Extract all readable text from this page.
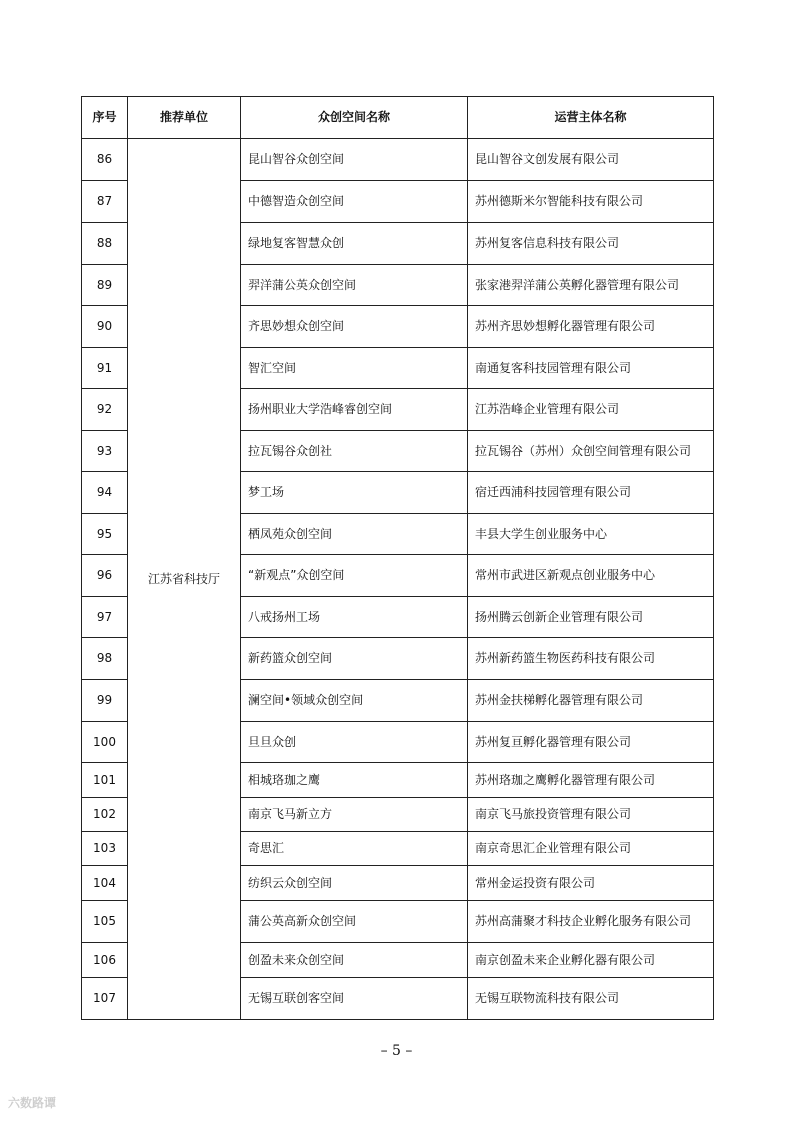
序号	推荐单位	众创空间名称	运营主体名称
86	江苏省科技厅	昆山智谷众创空间	昆山智谷文创发展有限公司
87		中德智造众创空间	苏州德斯米尔智能科技有限公司
88		绿地复客智慧众创	苏州复客信息科技有限公司
89		羿洋蒲公英众创空间	张家港羿洋蒲公英孵化器管理有限公司
90		齐思妙想众创空间	苏州齐思妙想孵化器管理有限公司
91		智汇空间	南通复客科技园管理有限公司
92		扬州职业大学浩峰睿创空间	江苏浩峰企业管理有限公司
93		拉瓦锡谷众创社	拉瓦锡谷（苏州）众创空间管理有限公司
94		梦工场	宿迁西浦科技园管理有限公司
95		栖凤苑众创空间	丰县大学生创业服务中心
96		“新观点”众创空间	常州市武进区新观点创业服务中心
97		八戒扬州工场	扬州腾云创新企业管理有限公司
98		新药篮众创空间	苏州新药篮生物医药科技有限公司
99		澜空间•领域众创空间	苏州金扶梯孵化器管理有限公司
100		旦旦众创	苏州复亘孵化器管理有限公司
101		相城珞珈之鹰	苏州珞珈之鹰孵化器管理有限公司
102		南京飞马新立方	南京飞马旅投资管理有限公司
103		奇思汇	南京奇思汇企业管理有限公司
104		纺织云众创空间	常州金运投资有限公司
105		蒲公英高新众创空间	苏州高蒲聚才科技企业孵化服务有限公司
106		创盈未来众创空间	南京创盈未来企业孵化器有限公司
107		无锡互联创客空间	无锡互联物流科技有限公司
– 5 –
六数路谭
